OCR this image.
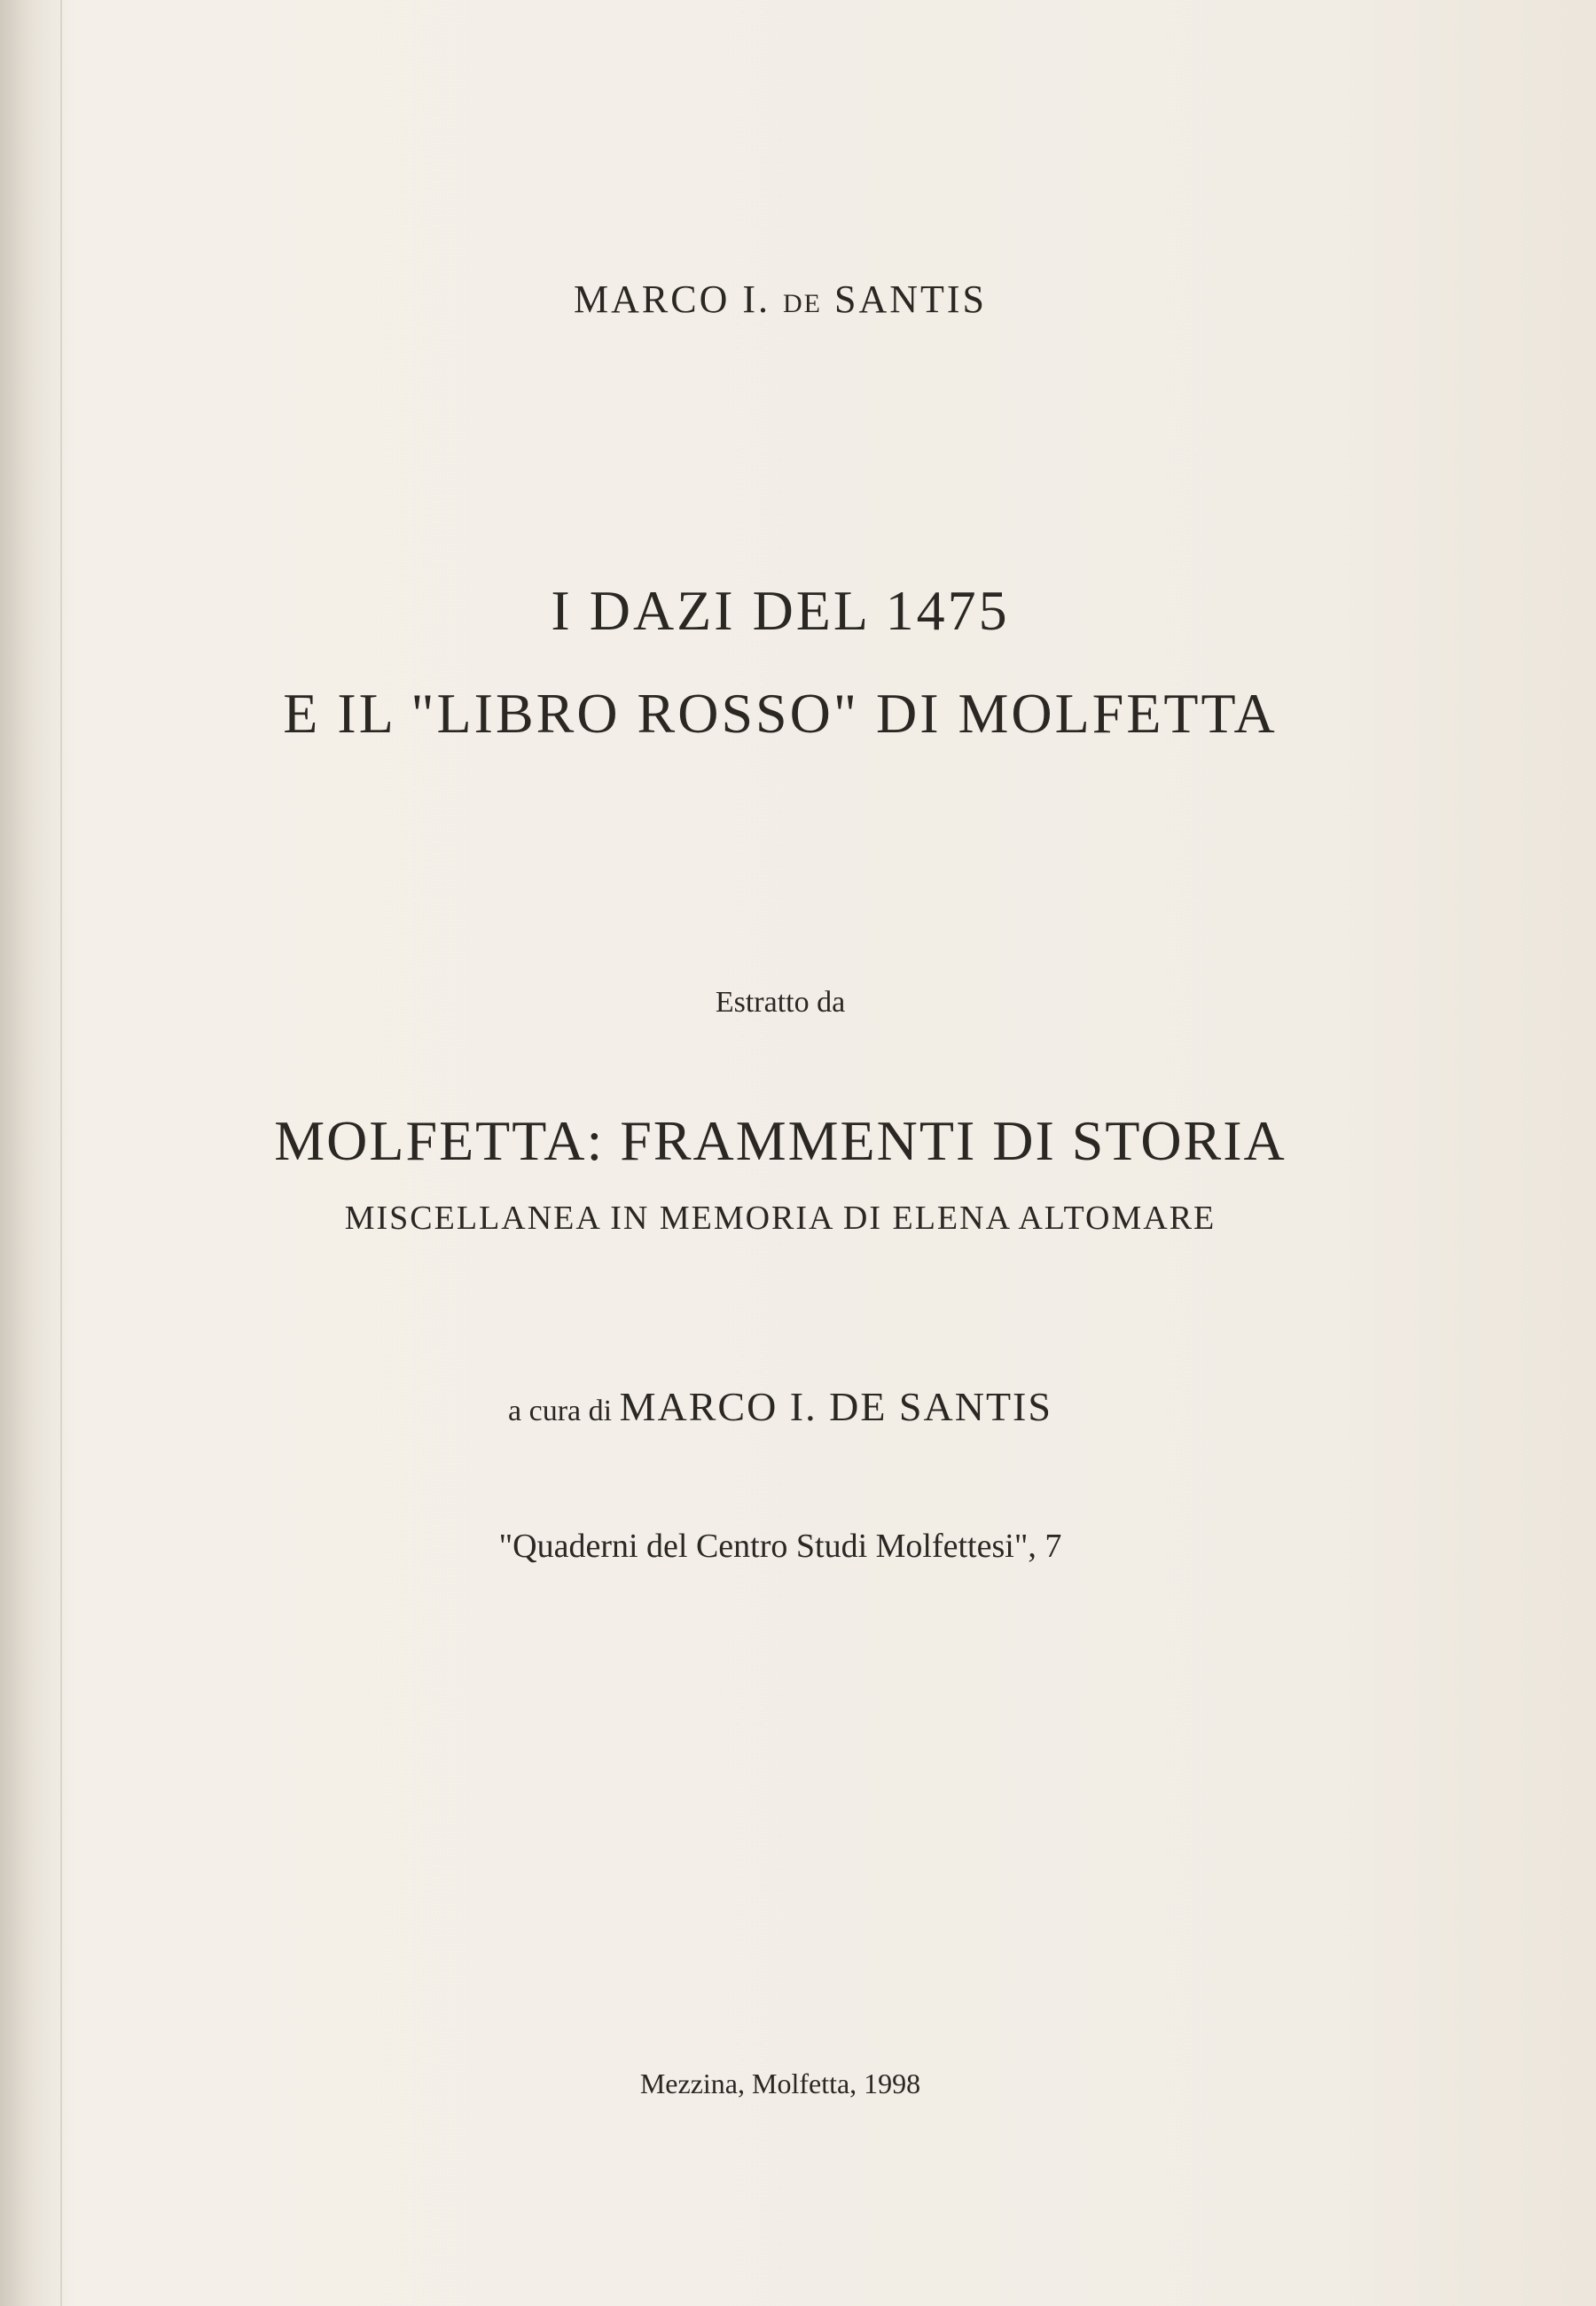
MARCO I. DE SANTIS
I DAZI DEL 1475
E IL "LIBRO ROSSO" DI MOLFETTA
Estratto da
MOLFETTA: FRAMMENTI DI STORIA
MISCELLANEA IN MEMORIA DI ELENA ALTOMARE
a cura di MARCO I. DE SANTIS
"Quaderni del Centro Studi Molfettesi", 7
Mezzina, Molfetta, 1998
